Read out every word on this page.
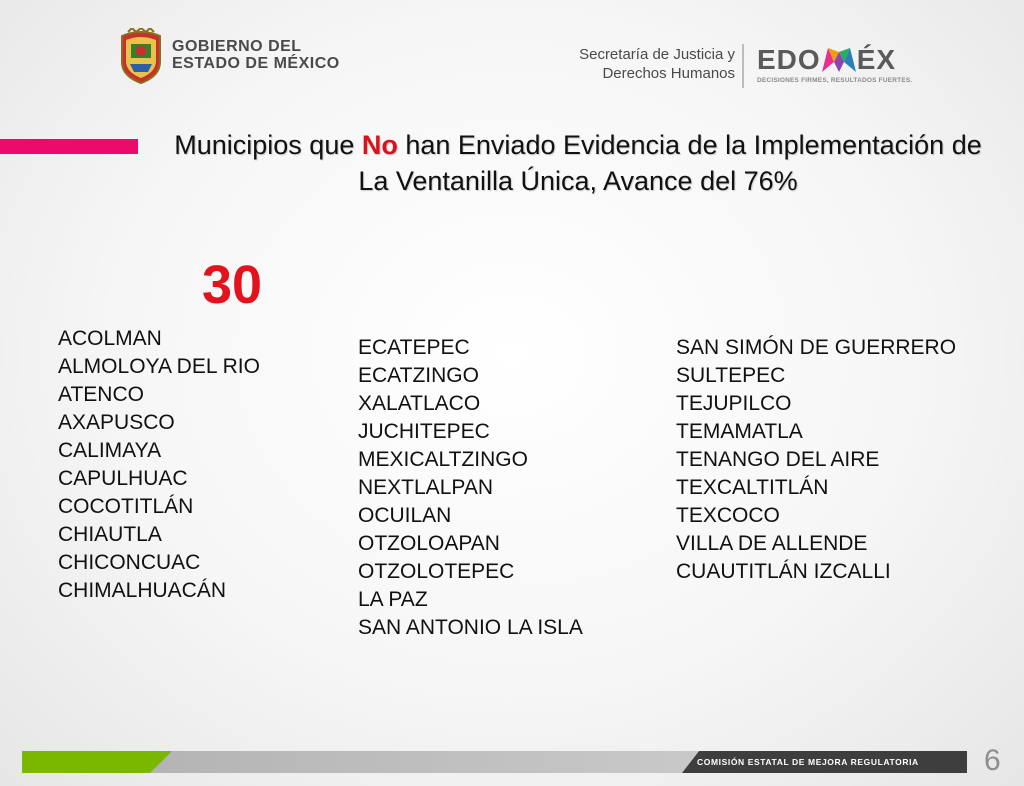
GOBIERNO DEL
ESTADO DE MÉXICO
Secretaría de Justicia y
Derechos Humanos EDO ÉX
DECISIONES FIRMES, RESULTADOS FUERTES.
Municipios que No han Enviado Evidencia de la Implementación de La Ventanilla Única, Avance del 76%
30
ACOLMAN
ALMOLOYA DEL RIO
ATENCO
AXAPUSCO
CALIMAYA
CAPULHUAC
COCOTITLÁN
CHIAUTLA
CHICONCUAC
CHIMALHUACÁN
ECATEPEC
ECATZINGO
XALATLACO
JUCHITEPEC
MEXICALTZINGO
NEXTLALPAN
OCUILAN
OTZOLOAPAN
OTZOLOTEPEC
LA PAZ
SAN ANTONIO LA ISLA
SAN SIMÓN DE GUERRERO
SULTEPEC
TEJUPILCO
TEMAMATLA
TENANGO DEL AIRE
TEXCALTITLÁN
TEXCOCO
VILLA DE ALLENDE
CUAUTITLÁN IZCALLI
COMISIÓN ESTATAL DE MEJORA REGULATORIA 6
